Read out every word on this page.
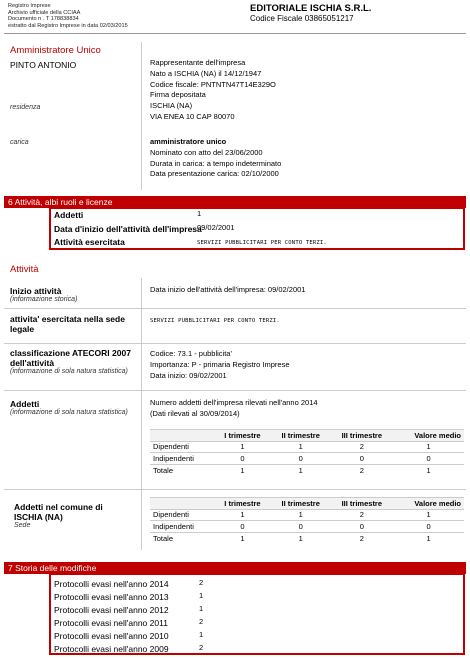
Registro Imprese
Archivio ufficiale della CCIAA
Documento n . T 178838834
estratto dal Registro Imprese in data 02/03/2015
EDITORIALE ISCHIA S.R.L.
Codice Fiscale 03865051217
Amministratore Unico
PINTO ANTONIO	Rappresentante dell'impresa
Nato a ISCHIA (NA) il 14/12/1947
Codice fiscale: PNTNTN47T14E329O
Firma depositata
ISCHIA (NA)
VIA ENEA 10 CAP 80070
residenza
carica	amministratore unico
Nominato con atto del 23/06/2000
Durata in carica: a tempo indeterminato
Data presentazione carica: 02/10/2000
6 Attività, albi ruoli e licenze
Addetti	1
Data d'inizio dell'attività dell'impresa
09/02/2001
Attività esercitata	SERVIZI PUBBLICITARI PER CONTO TERZI.
Attività
Inizio attività
(informazione storica)
Data inizio dell'attività dell'impresa: 09/02/2001
attivita' esercitata nella sede legale
SERVIZI PUBBLICITARI PER CONTO TERZI.
classificazione ATECORI 2007 dell'attività
(informazione di sola natura statistica)
Codice: 73.1 - pubblicita'
Importanza: P - primaria Registro Imprese
Data inizio: 09/02/2001
Addetti
(informazione di sola natura statistica)
Numero addetti dell'impresa rilevati nell'anno 2014
(Dati rilevati al 30/09/2014)
	I trimestre	II trimestre	III trimestre	Valore medio
Dipendenti	1	1	2	1
Indipendenti	0	0	0	0
Totale	1	1	2	1
Addetti nel comune di ISCHIA (NA)
Sede
	I trimestre	II trimestre	III trimestre	Valore medio
Dipendenti	1	1	2	1
Indipendenti	0	0	0	0
Totale	1	1	2	1
7 Storia delle modifiche
Protocolli evasi nell'anno 2014	2
Protocolli evasi nell'anno 2013	1
Protocolli evasi nell'anno 2012	1
Protocolli evasi nell'anno 2011	2
Protocolli evasi nell'anno 2010	1
Protocolli evasi nell'anno 2009	2
